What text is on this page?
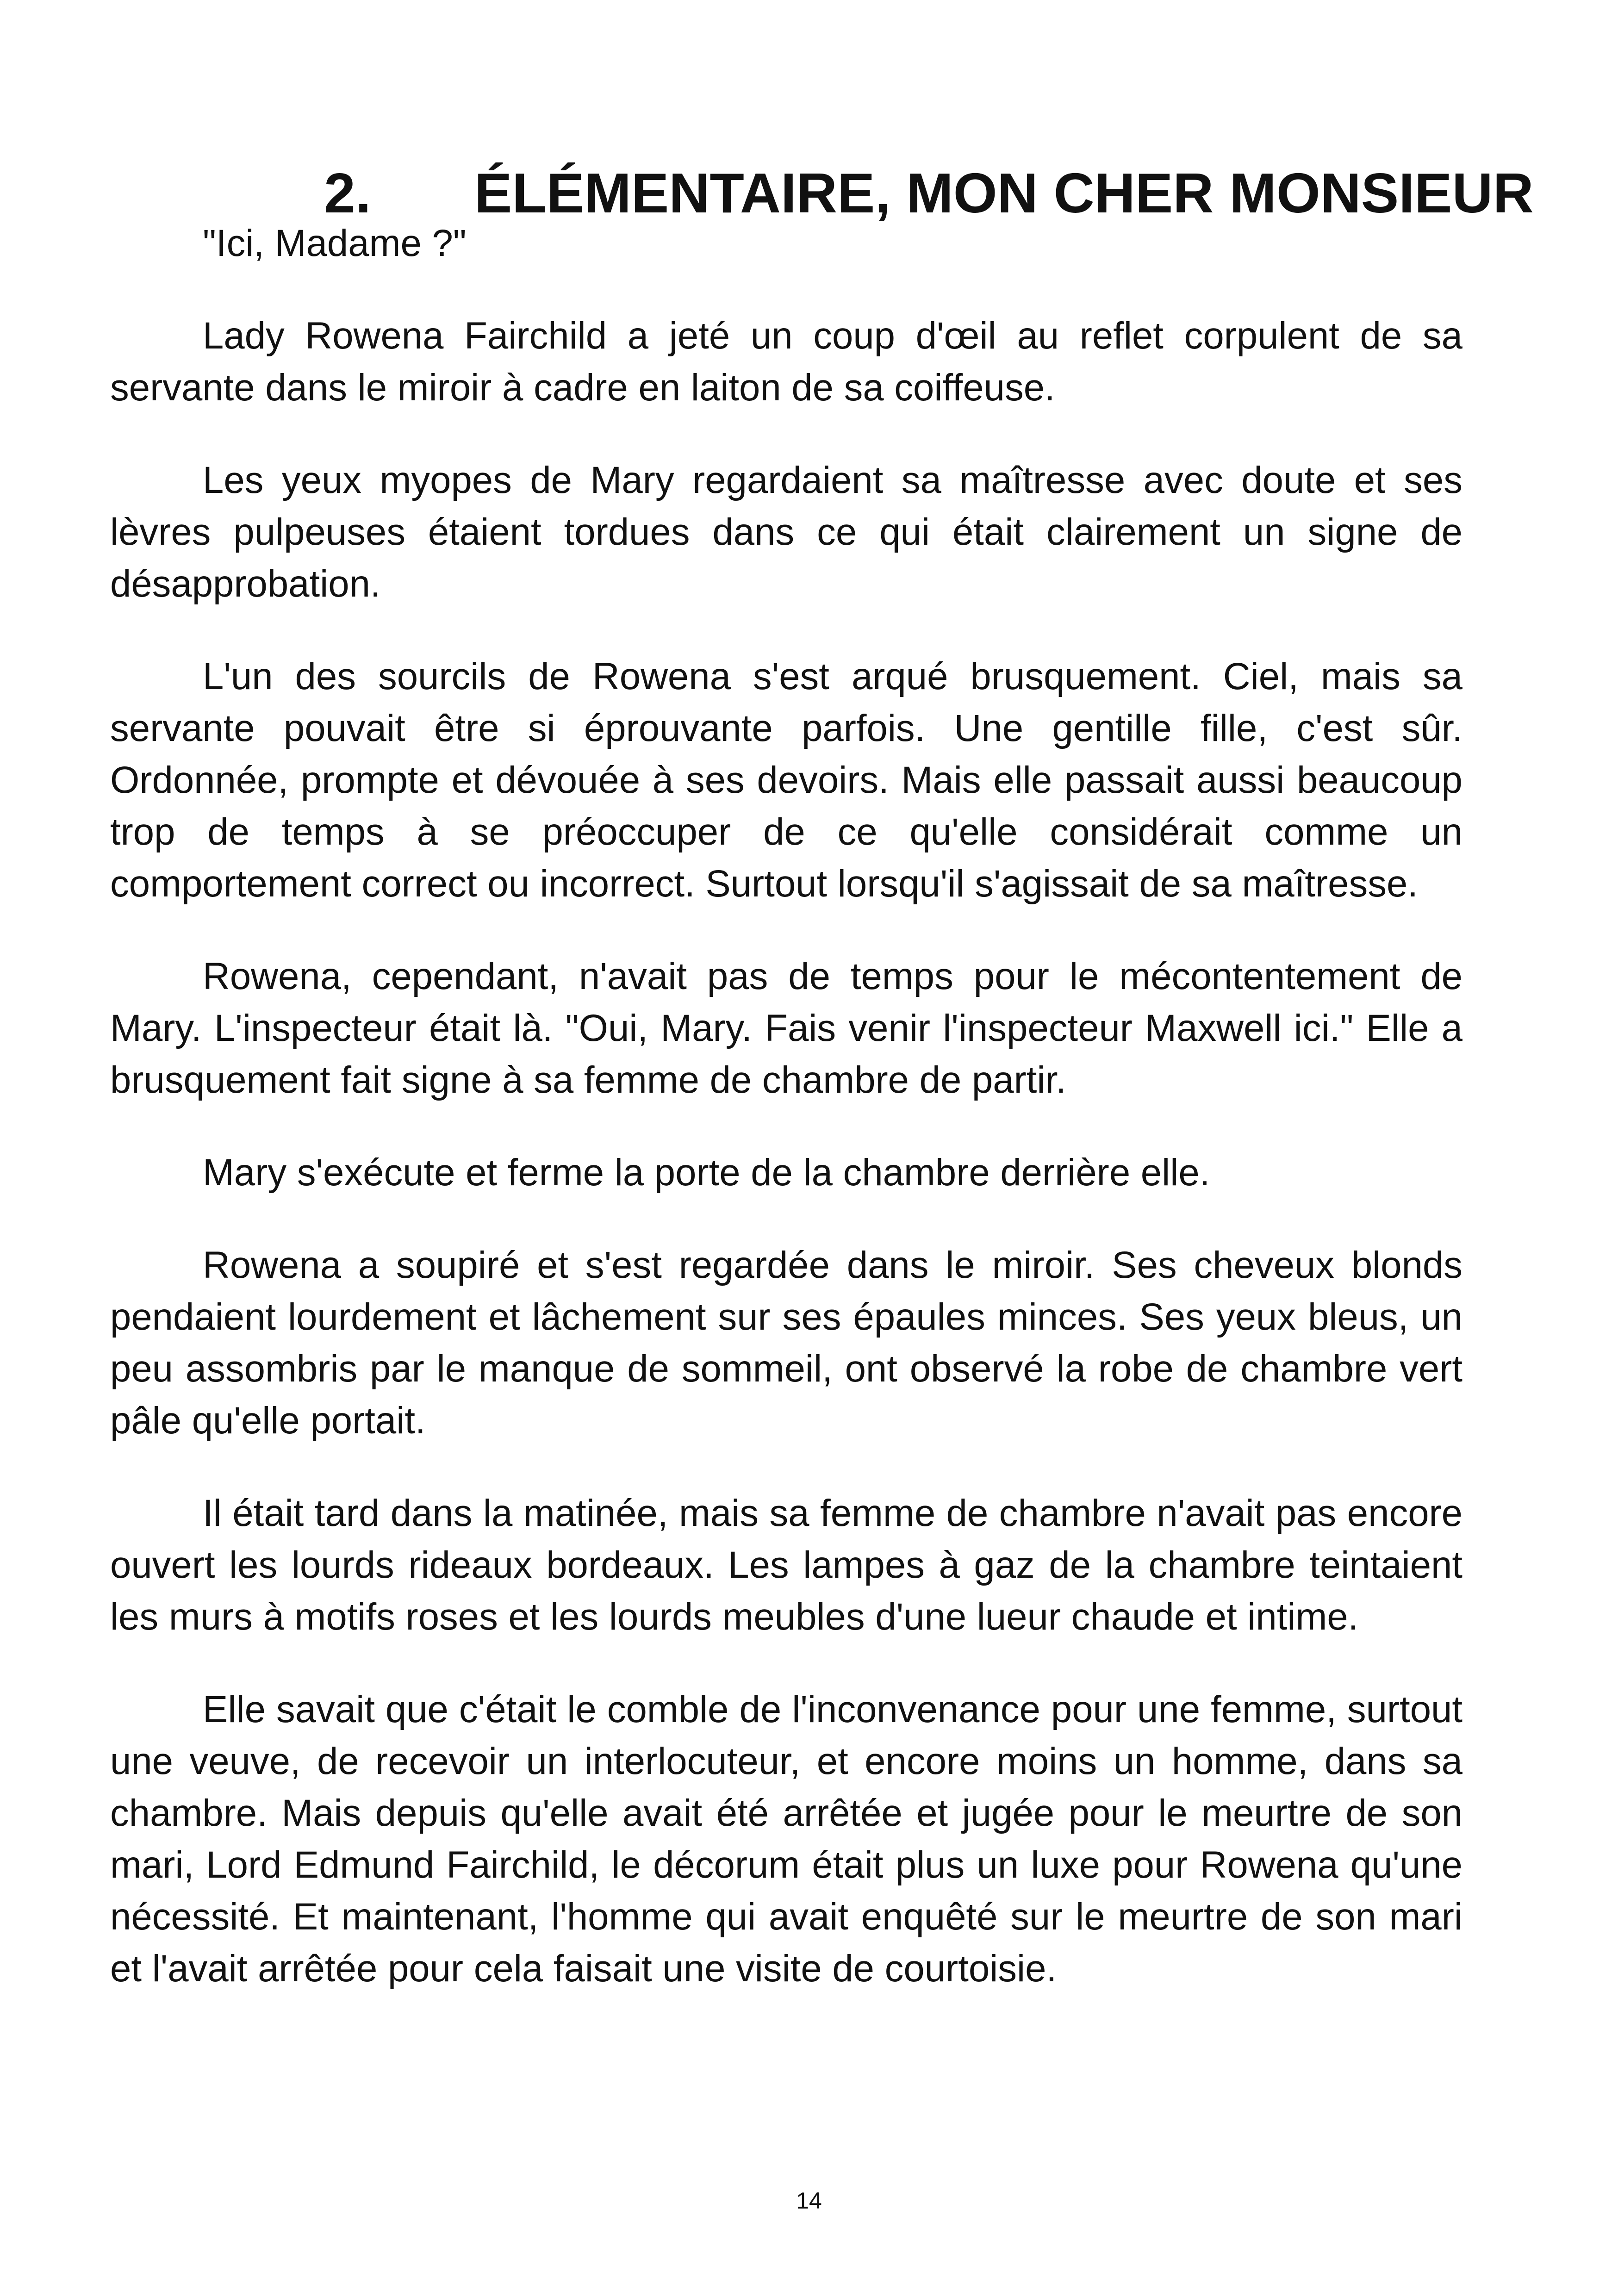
2. ÉLÉMENTAIRE, MON CHER MONSIEUR

"Ici, Madame ?"

Lady Rowena Fairchild a jeté un coup d'œil au reflet corpulent de sa servante dans le miroir à cadre en laiton de sa coiffeuse.

Les yeux myopes de Mary regardaient sa maîtresse avec doute et ses lèvres pulpeuses étaient tordues dans ce qui était clairement un signe de désapprobation.

L'un des sourcils de Rowena s'est arqué brusquement. Ciel, mais sa servante pouvait être si éprouvante parfois. Une gentille fille, c'est sûr. Ordonnée, prompte et dévouée à ses devoirs. Mais elle passait aussi beaucoup trop de temps à se préoccuper de ce qu'elle considérait comme un comportement correct ou incorrect. Surtout lorsqu'il s'agissait de sa maîtresse.

Rowena, cependant, n'avait pas de temps pour le mécontentement de Mary. L'inspecteur était là. "Oui, Mary. Fais venir l'inspecteur Maxwell ici." Elle a brusquement fait signe à sa femme de chambre de partir.

Mary s'exécute et ferme la porte de la chambre derrière elle.

Rowena a soupiré et s'est regardée dans le miroir. Ses cheveux blonds pendaient lourdement et lâchement sur ses épaules minces. Ses yeux bleus, un peu assombris par le manque de sommeil, ont observé la robe de chambre vert pâle qu'elle portait.

Il était tard dans la matinée, mais sa femme de chambre n'avait pas encore ouvert les lourds rideaux bordeaux. Les lampes à gaz de la chambre teintaient les murs à motifs roses et les lourds meubles d'une lueur chaude et intime.

Elle savait que c'était le comble de l'inconvenance pour une femme, surtout une veuve, de recevoir un interlocuteur, et encore moins un homme, dans sa chambre. Mais depuis qu'elle avait été arrêtée et jugée pour le meurtre de son mari, Lord Edmund Fairchild, le décorum était plus un luxe pour Rowena qu'une nécessité. Et maintenant, l'homme qui avait enquêté sur le meurtre de son mari et l'avait arrêtée pour cela faisait une visite de courtoisie.

14
